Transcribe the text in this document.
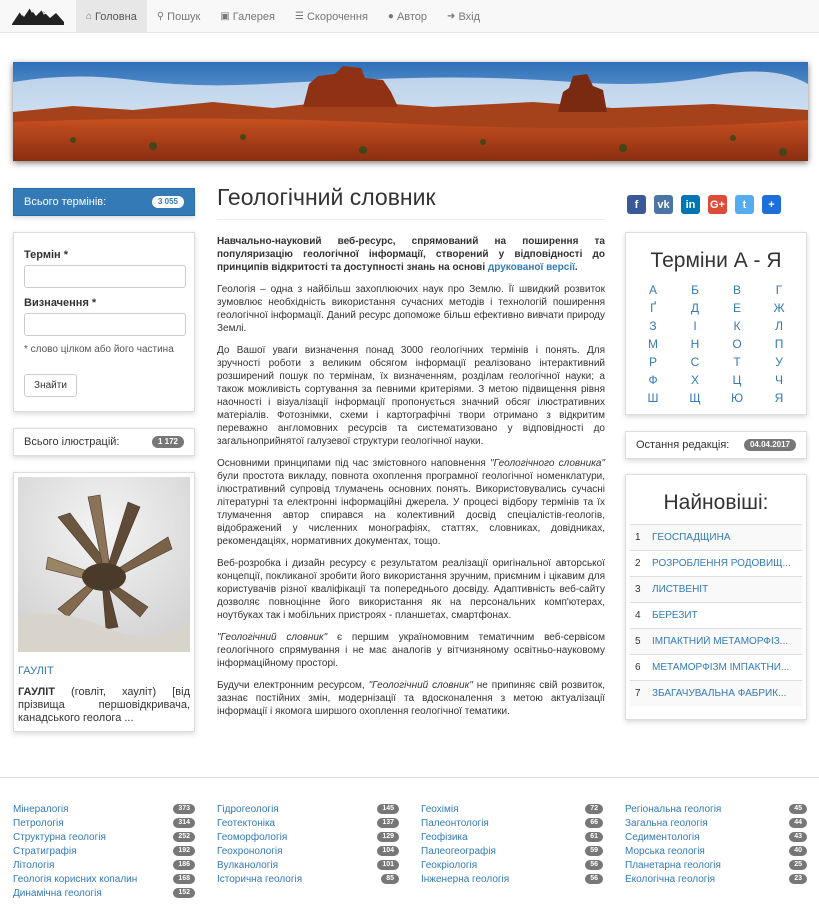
⌂ Головна ⚲ Пошук ▣ Галерея ☰ Скорочення ● Автор ➜ Вхід
Всього термінів:	3 055
Термін *
Визначення *
* слово цілком або його частина
Знайти
Всього ілюстрацій:	1 172
ГАУЛІТ
ГАУЛІТ (говліт, хауліт) [від прізвища першовідкривача, канадського геолога ...
Геологічний словник

Навчально-науковий веб-ресурс, спрямований на поширення та популяризацію геологічної інформації, створений у відповідності до принципів відкритості та доступності знань на основі друкованої версії.

Геологія – одна з найбільш захоплюючих наук про Землю. Її швидкий розвиток зумовлює необхідність використання сучасних методів і технологій поширення геологічної інформації. Даний ресурс допоможе більш ефективно вивчати природу Землі.

До Вашої уваги визначення понад 3000 геологічних термінів і понять. Для зручності роботи з великим обсягом інформації реалізовано інтерактивний розширений пошук по термінам, їх визначенням, розділам геологічної науки; а також можливість сортування за певними критеріями. З метою підвищення рівня наочності і візуалізації інформації пропонується значний обсяг ілюстративних матеріалів. Фотознімки, схеми і картографічні твори отримано з відкритим переважно англомовних ресурсів та систематизовано у відповідності до загальноприйнятої галузевої структури геологічної науки.

Основними принципами під час змістовного наповнення "Геологічного словника" були простота викладу, повнота охоплення програмної геологічної номенклатури, ілюстративний супровід тлумачень основних понять. Використовувались сучасні літературні та електронні інформаційні джерела. У процесі відбору термінів та їх тлумачення автор спирався на колективний досвід спеціалістів-геологів, відображений у численних монографіях, статтях, словниках, довідниках, рекомендаціях, нормативних документах, тощо.

Веб-розробка і дизайн ресурсу є результатом реалізації оригінальної авторської концепції, покликаної зробити його використання зручним, приємним і цікавим для користувачів різної кваліфікації та попереднього досвіду. Адаптивність веб-сайту дозволяє повноцінне його використання як на персональних комп'ютерах, ноутбуках так і мобільних пристроях - планшетах, смартфонах.

"Геологічний словник" є першим україномовним тематичним веб-сервісом геологічного спрямування і не має аналогів у вітчизняному освітньо-науковому інформаційному просторі.

Будучи електронним ресурсом, "Геологічний словник" не припиняє свій розвиток, зазнає постійних змін, модернізації та вдосконалення з метою актуалізації інформації і якомога ширшого охоплення геологічної тематики.

f	vk	in	G+	t	+
Терміни А - Я
А	Б	В	Г
Ґ	Д	Е	Ж
З	І	К	Л
М	Н	О	П
Р	С	Т	У
Ф	Х	Ц	Ч
Ш	Щ	Ю	Я
Остання редакція:	04.04.2017
Найновіші:
1	ГЕОСПАДЩИНА
2	РОЗРОБЛЕННЯ РОДОВИЩ...
3	ЛИСТВЕНІТ
4	БЕРЕЗИТ
5	ІМПАКТНИЙ МЕТАМОРФІЗ...
6	МЕТАМОРФІЗМ ІМПАКТНИ...
7	ЗБАГАЧУВАЛЬНА ФАБРИК...
Мінералогія	373
Петрологія	314
Структурна геологія	252
Стратиграфія	192
Літологія	186
Геологія корисних копалин	168
Динамічна геологія	152
Гідрогеологія	145
Геотектоніка	137
Геоморфологія	129
Геохронологія	104
Вулканологія	101
Історична геологія	85
Геохімія	72
Палеонтологія	66
Геофізика	61
Палеогеографія	59
Геокріологія	56
Інженерна геологія	56
Регіональна геологія	45
Загальна геологія	44
Седиментологія	43
Морська геологія	40
Планетарна геологія	25
Екологічна геологія	23
